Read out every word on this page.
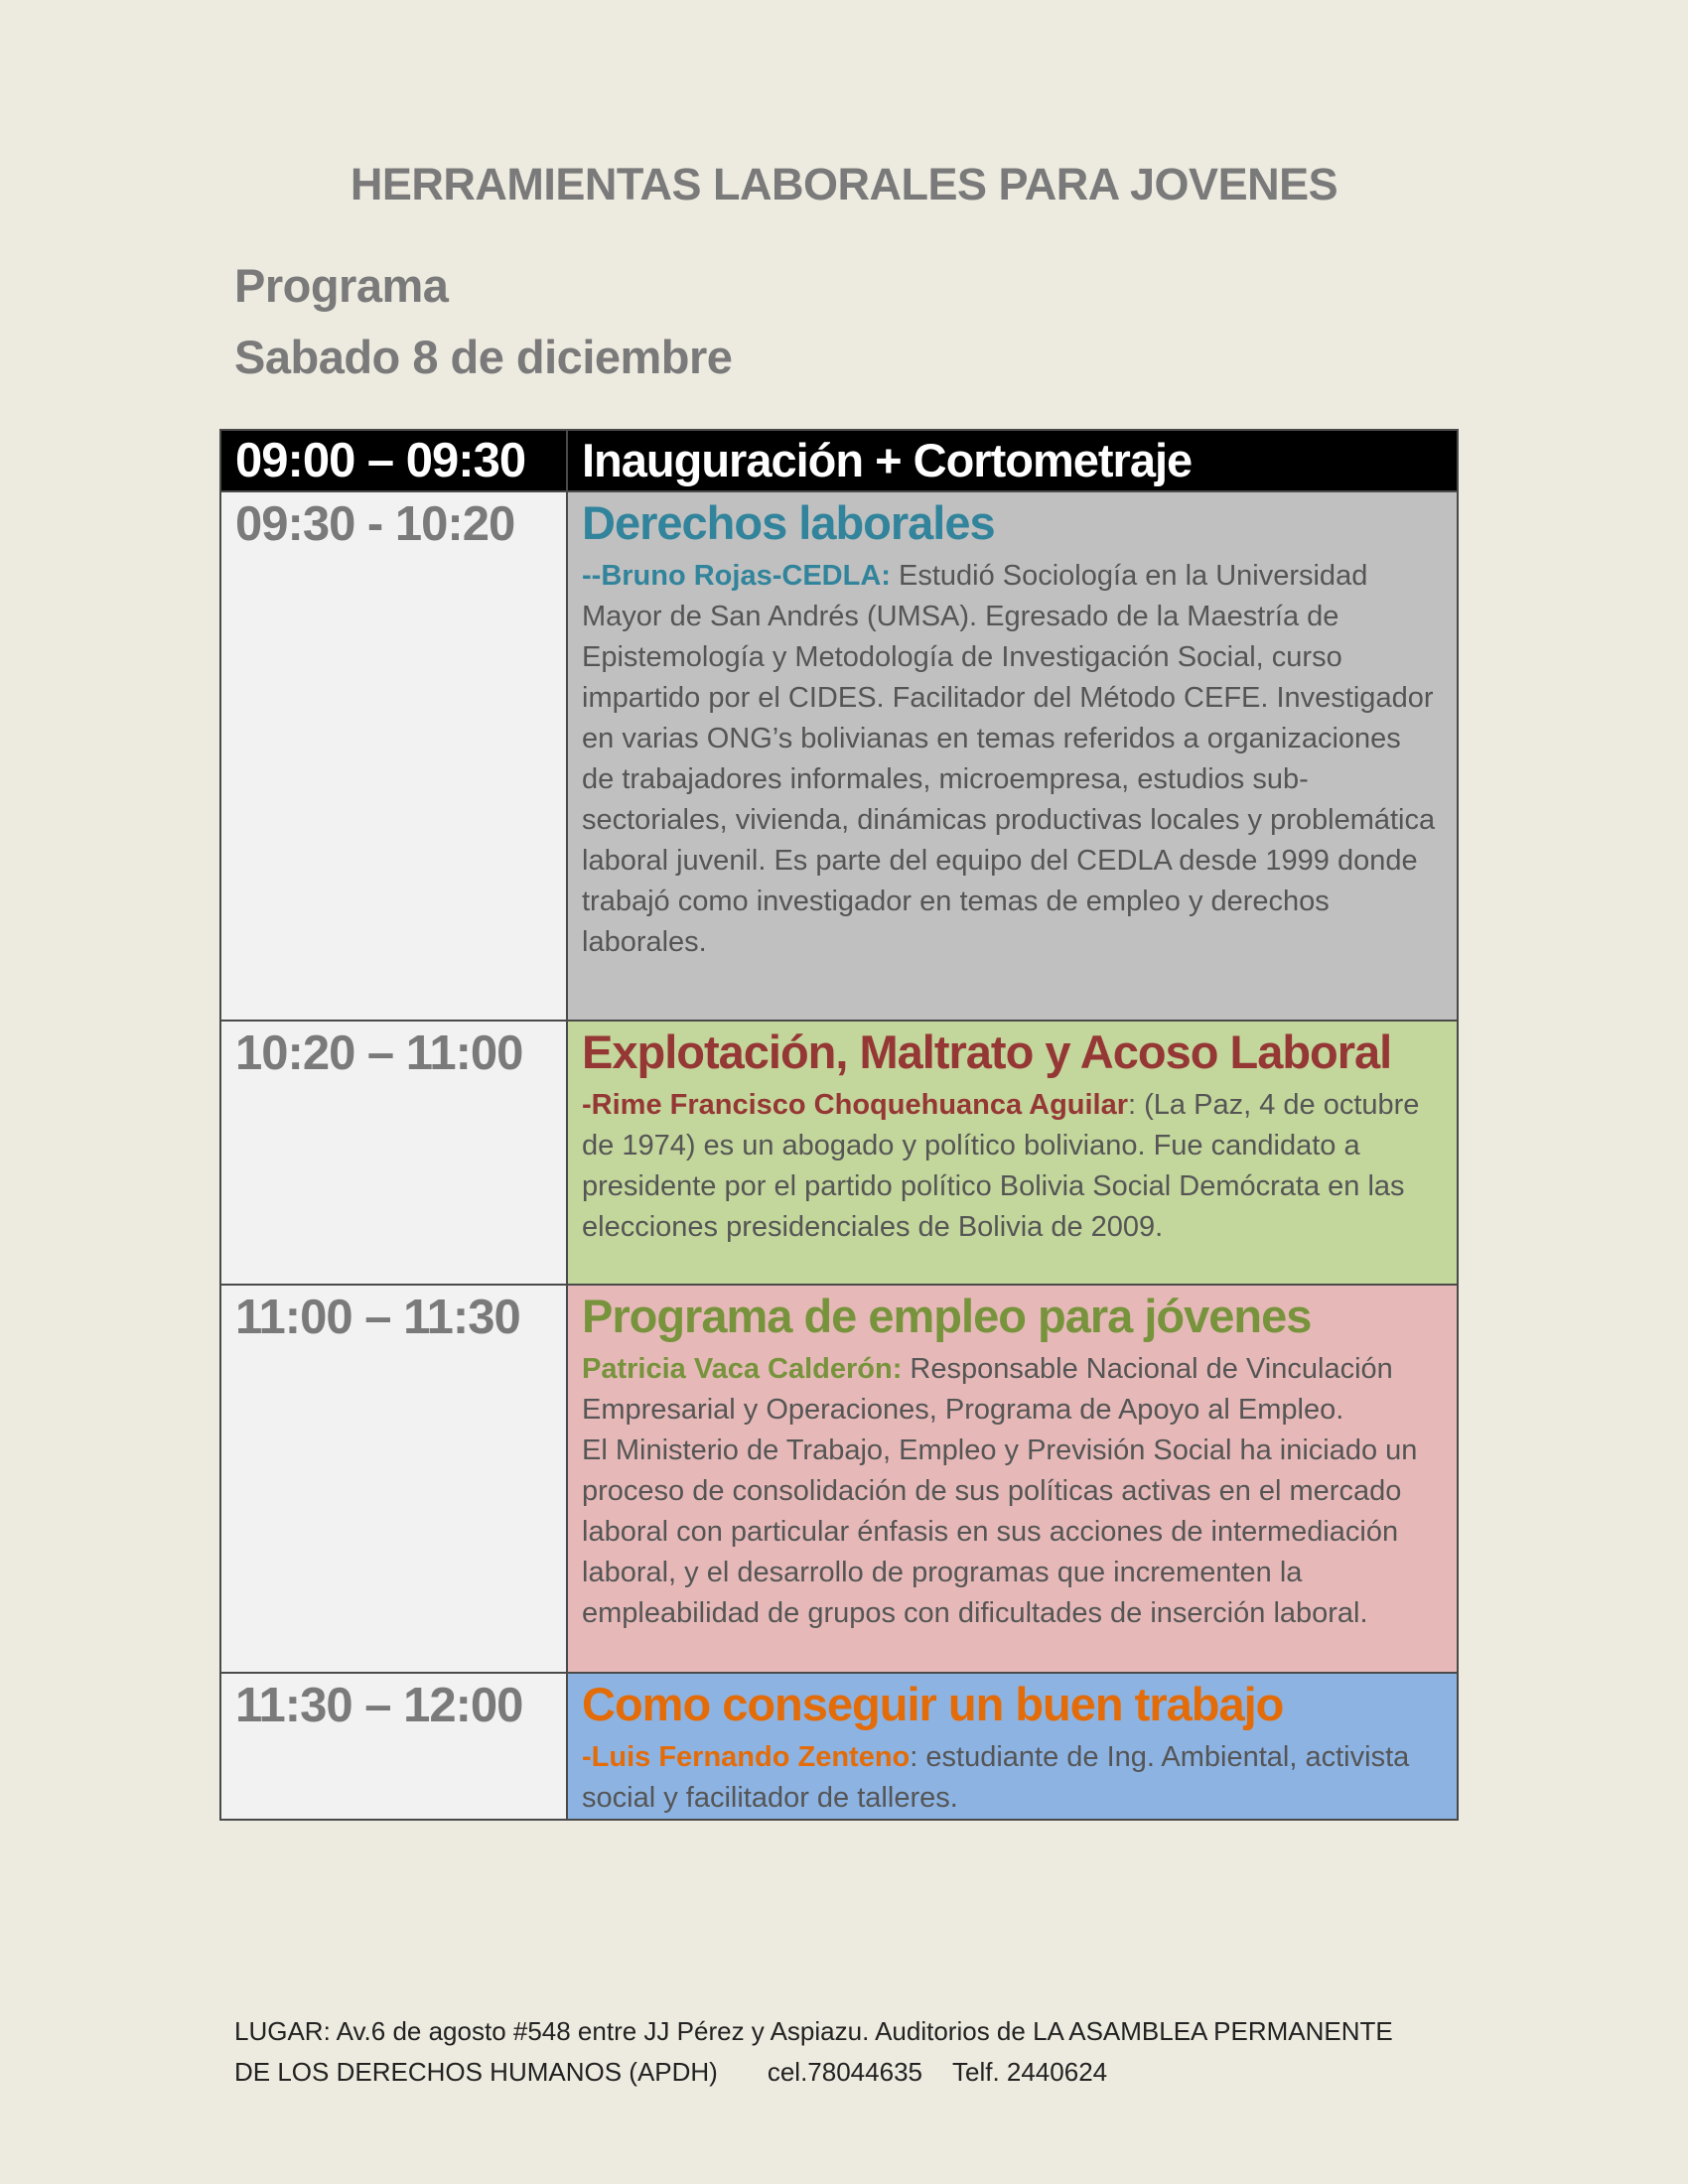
HERRAMIENTAS LABORALES PARA JOVENES
Programa
Sabado 8 de diciembre
09:00 – 09:30	Inauguración + Cortometraje

09:30 - 10:20	Derechos laborales
--Bruno Rojas-CEDLA: Estudió Sociología en la Universidad Mayor de San Andrés (UMSA). Egresado de la Maestría de Epistemología y Metodología de Investigación Social, curso impartido por el CIDES. Facilitador del Método CEFE. Investigador en varias ONG’s bolivianas en temas referidos a organizaciones de trabajadores informales, microempresa, estudios sub-sectoriales, vivienda, dinámicas productivas locales y problemática laboral juvenil. Es parte del equipo del CEDLA desde 1999 donde trabajó como investigador en temas de empleo y derechos laborales.

10:20 – 11:00	Explotación, Maltrato y Acoso Laboral
-Rime Francisco Choquehuanca Aguilar: (La Paz, 4 de octubre de 1974) es un abogado y político boliviano. Fue candidato a presidente por el partido político Bolivia Social Demócrata en las elecciones presidenciales de Bolivia de 2009.

11:00 – 11:30	Programa de empleo para jóvenes
Patricia Vaca Calderón: Responsable Nacional de Vinculación Empresarial y Operaciones, Programa de Apoyo al Empleo.
El Ministerio de Trabajo, Empleo y Previsión Social ha iniciado un proceso de consolidación de sus políticas activas en el mercado laboral con particular énfasis en sus acciones de intermediación laboral, y el desarrollo de programas que incrementen la empleabilidad de grupos con dificultades de inserción laboral.

11:30 – 12:00	Como conseguir un buen trabajo
-Luis Fernando Zenteno: estudiante de Ing. Ambiental, activista social y facilitador de talleres.
LUGAR: Av.6 de agosto #548 entre JJ Pérez y Aspiazu. Auditorios de LA ASAMBLEA PERMANENTE
DE LOS DERECHOS HUMANOS (APDH) cel.78044635 Telf. 2440624
